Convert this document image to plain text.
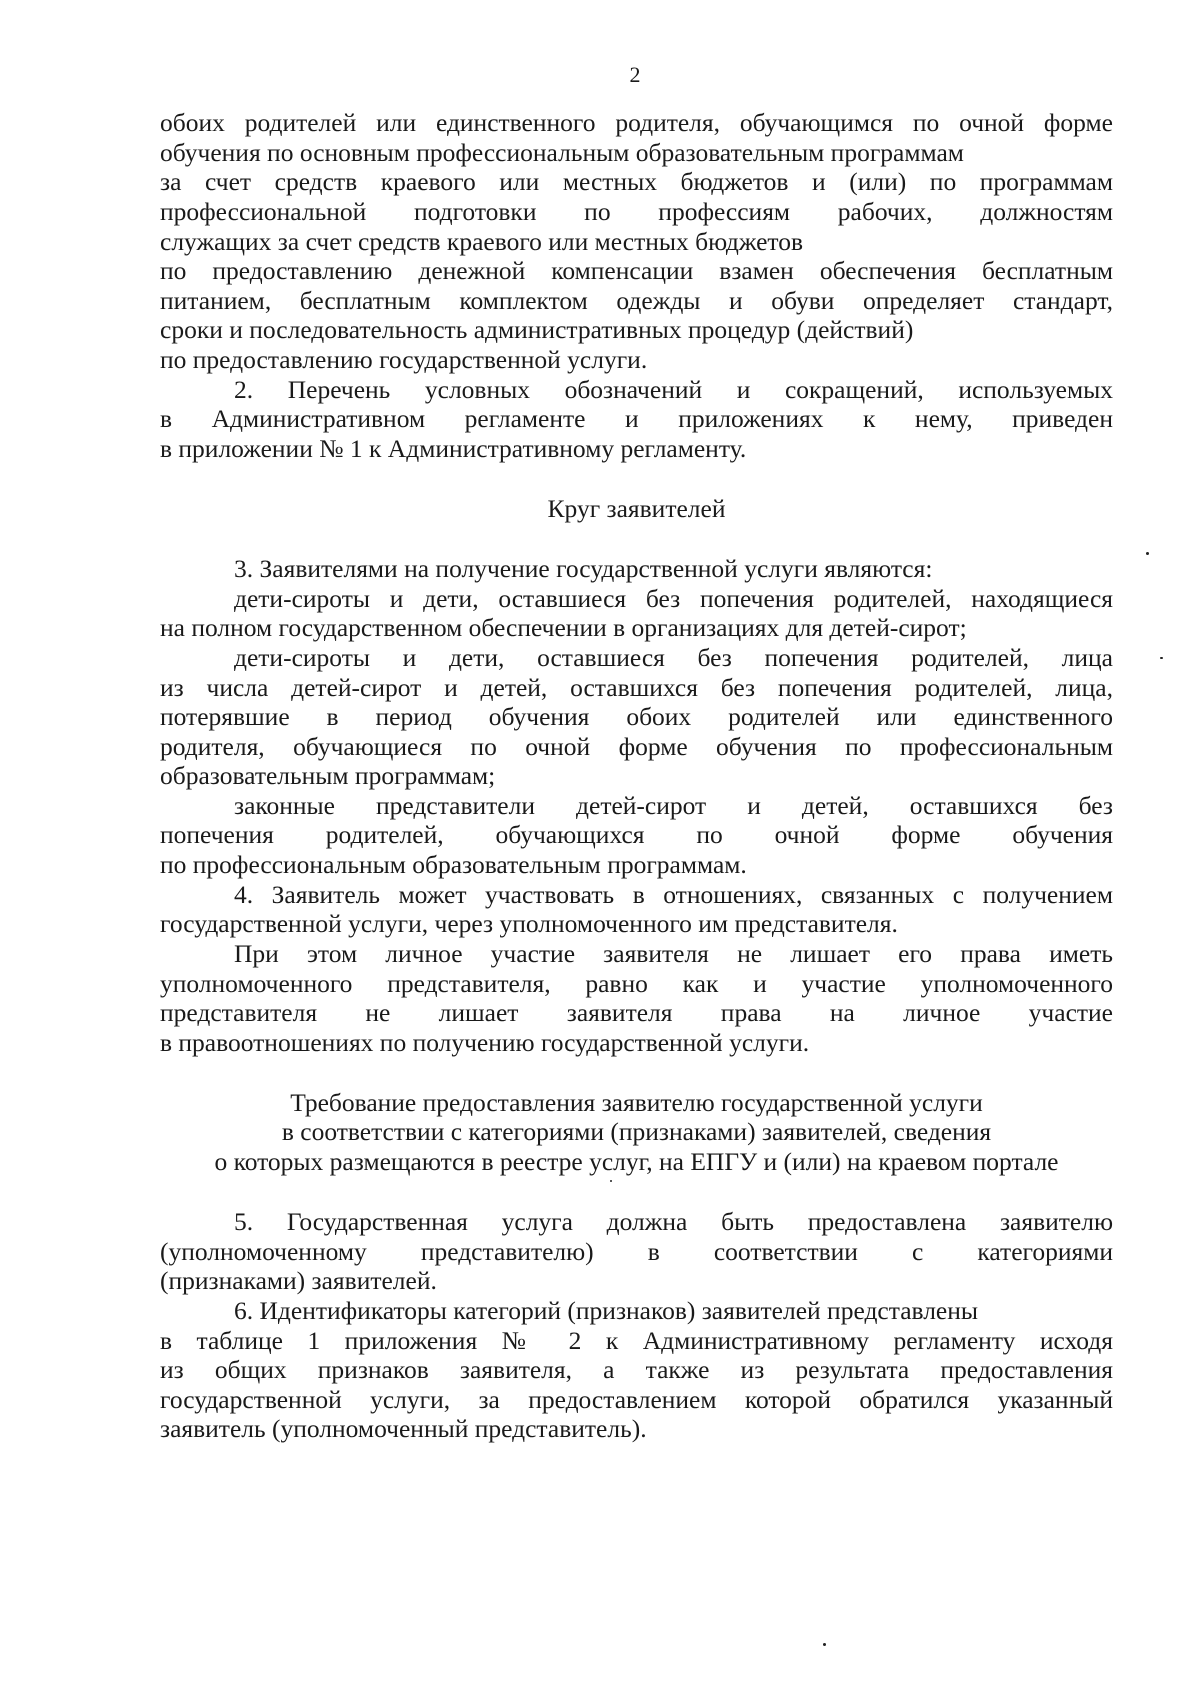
2
обоих родителей или единственного родителя, обучающимся по очной форме
обучения по основным профессиональным образовательным программам
за счет средств краевого или местных бюджетов и (или) по программам
профессиональной подготовки по профессиям рабочих, должностям
служащих за счет средств краевого или местных бюджетов
по предоставлению денежной компенсации взамен обеспечения бесплатным
питанием, бесплатным комплектом одежды и обуви определяет стандарт,
сроки и последовательность административных процедур (действий)
по предоставлению государственной услуги.
2. Перечень условных обозначений и сокращений, используемых
в Административном регламенте и приложениях к нему, приведен
в приложении № 1 к Административному регламенту.
Круг заявителей
3. Заявителями на получение государственной услуги являются:
дети-сироты и дети, оставшиеся без попечения родителей, находящиеся
на полном государственном обеспечении в организациях для детей-сирот;
дети-сироты и дети, оставшиеся без попечения родителей, лица
из числа детей-сирот и детей, оставшихся без попечения родителей, лица,
потерявшие в период обучения обоих родителей или единственного
родителя, обучающиеся по очной форме обучения по профессиональным
образовательным программам;
законные представители детей-сирот и детей, оставшихся без
попечения родителей, обучающихся по очной форме обучения
по профессиональным образовательным программам.
4. Заявитель может участвовать в отношениях, связанных с получением
государственной услуги, через уполномоченного им представителя.
При этом личное участие заявителя не лишает его права иметь
уполномоченного представителя, равно как и участие уполномоченного
представителя не лишает заявителя права на личное участие
в правоотношениях по получению государственной услуги.
Требование предоставления заявителю государственной услуги
в соответствии с категориями (признаками) заявителей, сведения
о которых размещаются в реестре услуг, на ЕПГУ и (или) на краевом портале
5. Государственная услуга должна быть предоставлена заявителю
(уполномоченному представителю) в соответствии с категориями
(признаками) заявителей.
6. Идентификаторы категорий (признаков) заявителей представлены
в таблице 1 приложения № 2 к Административному регламенту исходя
из общих признаков заявителя, а также из результата предоставления
государственной услуги, за предоставлением которой обратился указанный
заявитель (уполномоченный представитель).
